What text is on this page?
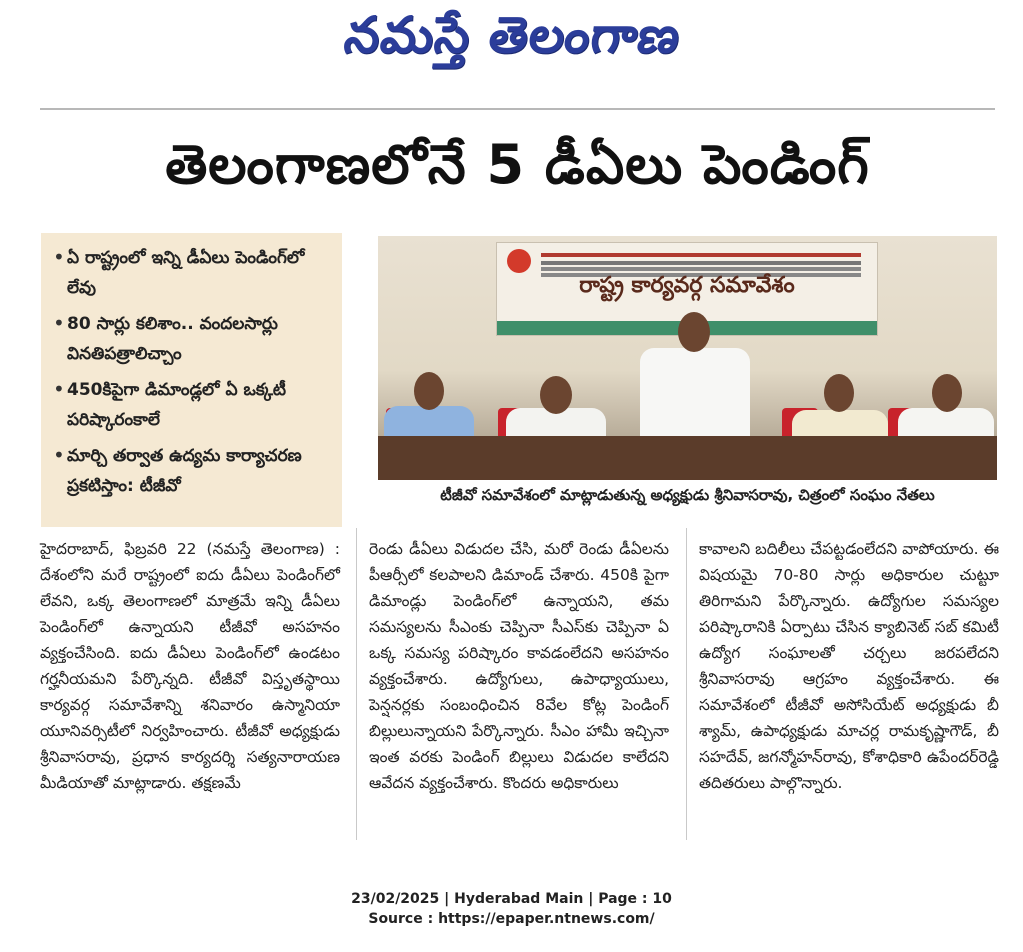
నమస్తే తెలంగాణ
తెలంగాణలోనే 5 డీఏలు పెండింగ్
• ఏ రాష్ట్రంలో ఇన్ని డీఏలు పెండింగ్‌లో లేవు
• 80 సార్లు కలిశాం.. వందలసార్లు వినతిపత్రాలిచ్చాం
• 450కిపైగా డిమాండ్లలో ఏ ఒక్కటీ పరిష్కారంకాలే
• మార్చి తర్వాత ఉద్యమ కార్యాచరణ ప్రకటిస్తాం: టీజీవో
రాష్ట్ర కార్యవర్గ సమావేశం
టీజీవో సమావేశంలో మాట్లాడుతున్న అధ్యక్షుడు శ్రీనివాసరావు, చిత్రంలో సంఘం నేతలు
హైదరాబాద్, ఫిబ్రవరి 22 (నమస్తే తెలంగాణ) : దేశంలోని మరే రాష్ట్రంలో ఐదు డీఏలు పెండింగ్‌లో లేవని, ఒక్క తెలంగాణలో మాత్రమే ఇన్ని డీఏలు పెండింగ్‌లో ఉన్నాయని టీజీవో అసహనం వ్యక్తంచేసింది. ఐదు డీఏలు పెండింగ్‌లో ఉండటం గర్హనీయమని పేర్కొన్నది. టీజీవో విస్తృతస్థాయి కార్యవర్గ సమావేశాన్ని శనివారం ఉస్మానియా యూనివర్సిటీలో నిర్వహించారు. టీజీవో అధ్యక్షుడు శ్రీనివాసరావు, ప్రధాన కార్యదర్శి సత్యనారాయణ మీడియాతో మాట్లాడారు. తక్షణమే
రెండు డీఏలు విడుదల చేసి, మరో రెండు డీఏలను పీఆర్సీలో కలపాలని డిమాండ్ చేశారు. 450కి పైగా డిమాండ్లు పెండింగ్‌లో ఉన్నాయని, తమ సమస్యలను సీఎంకు చెప్పినా సీఎస్‌కు చెప్పినా ఏ ఒక్క సమస్య పరిష్కారం కావడంలేదని అసహనం వ్యక్తంచేశారు. ఉద్యోగులు, ఉపాధ్యాయులు, పెన్షనర్లకు సంబంధించిన 8వేల కోట్ల పెండింగ్ బిల్లులున్నాయని పేర్కొన్నారు. సీఎం హామీ ఇచ్చినా ఇంత వరకు పెండింగ్ బిల్లులు విడుదల కాలేదని ఆవేదన వ్యక్తంచేశారు. కొందరు అధికారులు
కావాలని బదిలీలు చేపట్టడంలేదని వాపోయారు. ఈ విషయమై 70-80 సార్లు అధికారుల చుట్టూ తిరిగామని పేర్కొన్నారు. ఉద్యోగుల సమస్యల పరిష్కారానికి ఏర్పాటు చేసిన క్యాబినెట్ సబ్ కమిటీ ఉద్యోగ సంఘాలతో చర్చలు జరపలేదని శ్రీనివాసరావు ఆగ్రహం వ్యక్తంచేశారు. ఈ సమావేశంలో టీజీవో అసోసియేట్ అధ్యక్షుడు బీ శ్యామ్, ఉపాధ్యక్షుడు మాచర్ల రామకృష్ణాగౌడ్, బీ సహదేవ్, జగన్మోహన్‌రావు, కోశాధికారి ఉపేందర్‌రెడ్డి తదితరులు పాల్గొన్నారు.
23/02/2025 | Hyderabad Main | Page : 10
Source : https://epaper.ntnews.com/
